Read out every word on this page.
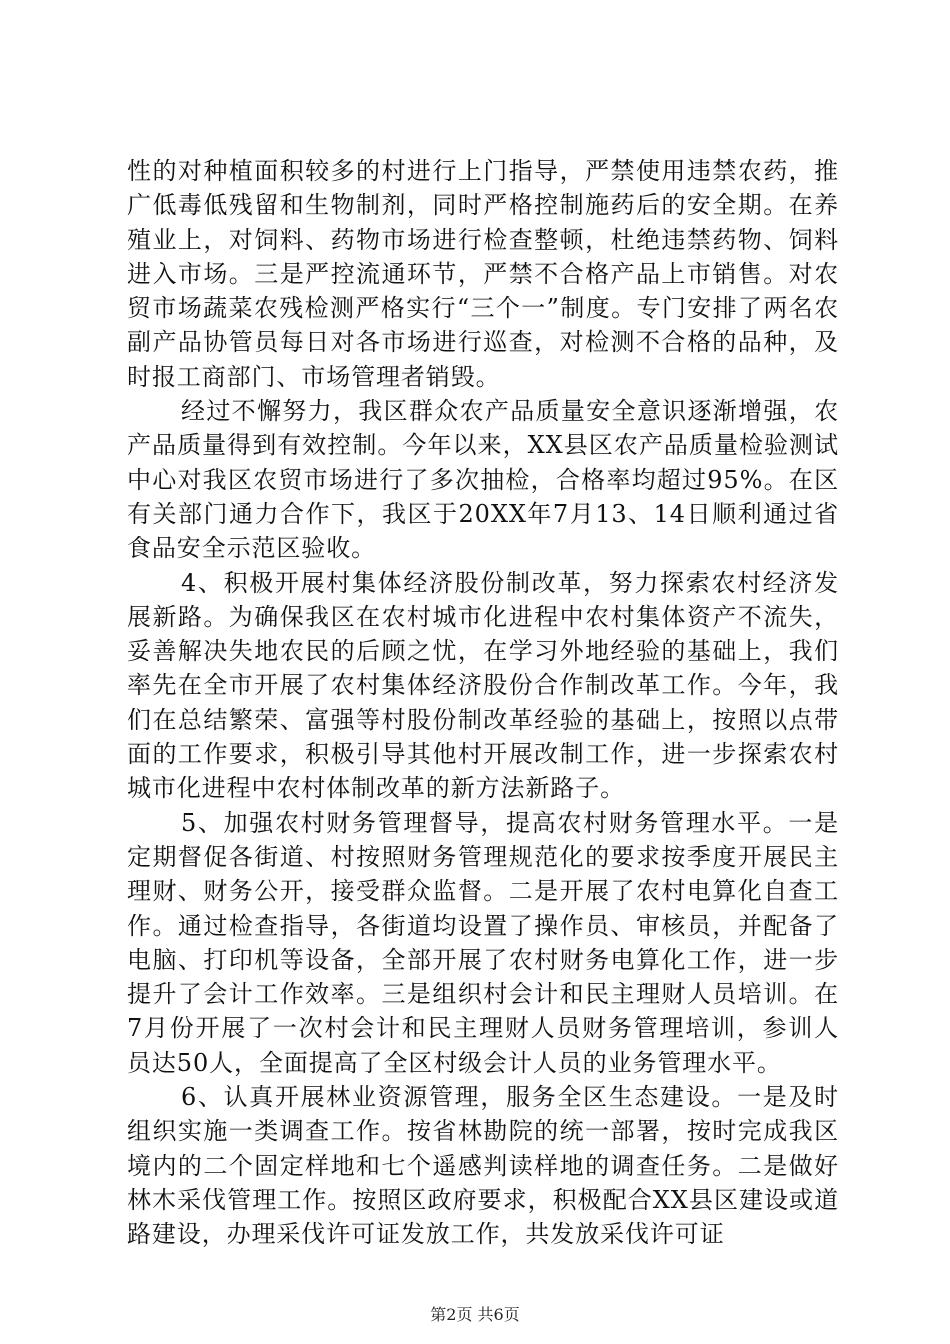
性的对种植面积较多的村进行上门指导，严禁使用违禁农药，推广低毒低残留和生物制剂，同时严格控制施药后的安全期。在养殖业上，对饲料、药物市场进行检查整顿，杜绝违禁药物、饲料进入市场。三是严控流通环节，严禁不合格产品上市销售。对农贸市场蔬菜农残检测严格实行“三个一”制度。专门安排了两名农副产品协管员每日对各市场进行巡查，对检测不合格的品种，及时报工商部门、市场管理者销毁。

经过不懈努力，我区群众农产品质量安全意识逐渐增强，农产品质量得到有效控制。今年以来，XX县区农产品质量检验测试中心对我区农贸市场进行了多次抽检，合格率均超过95%。在区有关部门通力合作下，我区于20XX年7月13、14日顺利通过省食品安全示范区验收。

4、积极开展村集体经济股份制改革，努力探索农村经济发展新路。为确保我区在农村城市化进程中农村集体资产不流失，妥善解决失地农民的后顾之忧，在学习外地经验的基础上，我们率先在全市开展了农村集体经济股份合作制改革工作。今年，我们在总结繁荣、富强等村股份制改革经验的基础上，按照以点带面的工作要求，积极引导其他村开展改制工作，进一步探索农村城市化进程中农村体制改革的新方法新路子。

5、加强农村财务管理督导，提高农村财务管理水平。一是定期督促各街道、村按照财务管理规范化的要求按季度开展民主理财、财务公开，接受群众监督。二是开展了农村电算化自查工作。通过检查指导，各街道均设置了操作员、审核员，并配备了电脑、打印机等设备，全部开展了农村财务电算化工作，进一步提升了会计工作效率。三是组织村会计和民主理财人员培训。在7月份开展了一次村会计和民主理财人员财务管理培训，参训人员达50人，全面提高了全区村级会计人员的业务管理水平。

6、认真开展林业资源管理，服务全区生态建设。一是及时组织实施一类调查工作。按省林勘院的统一部署，按时完成我区境内的二个固定样地和七个遥感判读样地的调查任务。二是做好林木采伐管理工作。按照区政府要求，积极配合XX县区建设或道路建设，办理采伐许可证发放工作，共发放采伐许可证

第2页 共6页
